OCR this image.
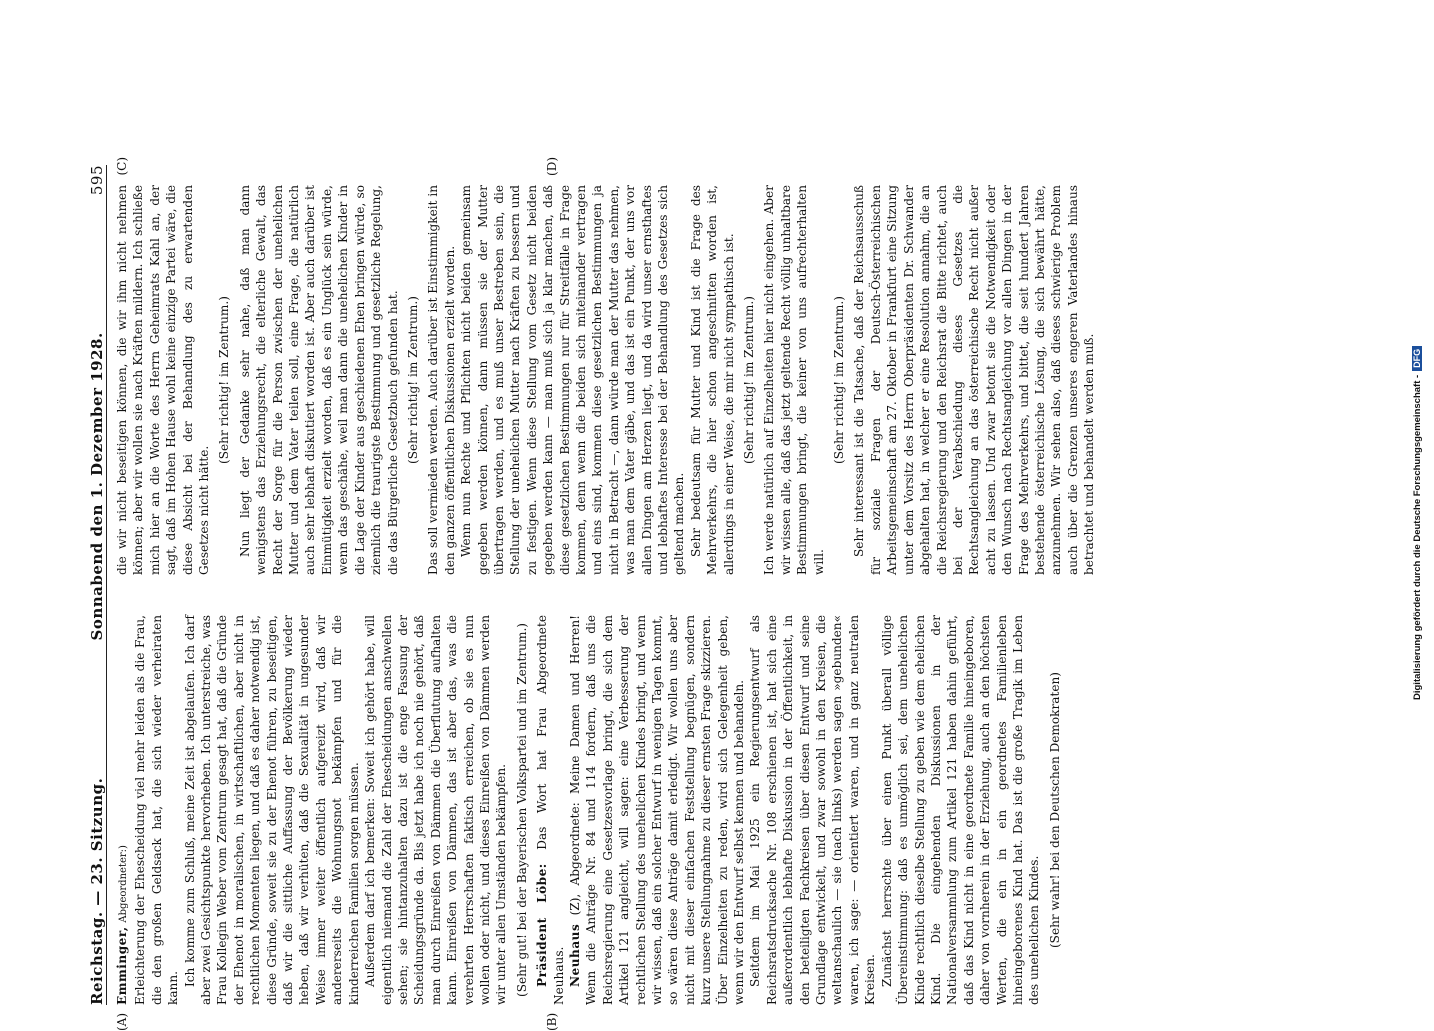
Reichstag. — 23. Sitzung.
Sonnabend den 1. Dezember 1928.
595
(A)	(B)

Emminger, Abgeordneter:) Erleichterung der Ehescheidung viel mehr leiden als die Frau, die den großen Geldsack hat, die sich wieder verheiraten kann.

Ich komme zum Schluß, meine Zeit ist abgelaufen. Ich darf aber zwei Gesichtspunkte hervorheben. Ich unterstreiche, was Frau Kollegin Weber vom Zentrum gesagt hat, daß die Gründe der Ehenot in moralischen, in wirtschaftlichen, aber nicht in rechtlichen Momenten liegen, und daß es daher notwendig ist, diese Gründe, soweit sie zu der Ehenot führen, zu beseitigen, daß wir die sittliche Auffassung der Bevölkerung wieder heben, daß wir verhüten, daß die Sexualität in ungesunder Weise immer weiter öffentlich aufgereizt wird, daß wir andererseits die Wohnungsnot bekämpfen und für die kinderreichen Familien sorgen müssen. Außerdem darf ich bemerken: Soweit ich gehört habe, will eigentlich niemand die Zahl der Ehescheidungen anschwellen sehen; sie hintanzuhalten dazu ist die enge Fassung der Scheidungsgründe da. Bis jetzt habe ich noch nie gehört, daß man durch Einreißen von Dämmen die Überflutung aufhalten kann. Einreißen von Dämmen, das ist aber das, was die verehrten Herrschaften faktisch erreichen, ob sie es nun wollen oder nicht, und dieses Einreißen von Dämmen werden wir unter allen Umständen bekämpfen. (Sehr gut! bei der Bayerischen Volkspartei und im Zentrum.) Präsident Löbe: Das Wort hat Frau Abgeordnete Neuhaus. Neuhaus (Z), Abgeordnete: Meine Damen und Herren! Wenn die Anträge Nr. 84 und 114 fordern, daß uns die Reichsregierung eine Gesetzesvorlage bringt, die sich dem Artikel 121 angleicht, will sagen: eine Verbesserung der rechtlichen Stellung des unehelichen Kindes bringt, und wenn wir wissen, daß ein solcher Entwurf in wenigen Tagen kommt, so wären diese Anträge damit erledigt. Wir wollen uns aber nicht mit dieser einfachen Feststellung begnügen, sondern kurz unsere Stellungnahme zu dieser ernsten Frage skizzieren. Über Einzelheiten zu reden, wird sich Gelegenheit geben, wenn wir den Entwurf selbst kennen und behandeln. Seitdem im Mai 1925 ein Regierungsentwurf als Reichsratsdrucksache Nr. 108 erschienen ist, hat sich eine außerordentlich lebhafte Diskussion in der Öffentlichkeit, in den beteiligten Fachkreisen über diesen Entwurf und seine Grundlage entwickelt, und zwar sowohl in den Kreisen, die weltanschaulich — sie (nach links) werden sagen »gebunden« waren, ich sage: — orientiert waren, und in ganz neutralen Kreisen. Zunächst herrschte über einen Punkt überall völlige Übereinstimmung: daß es unmöglich sei, dem unehelichen Kinde rechtlich dieselbe Stellung zu geben wie dem ehelichen Kind. Die eingehenden Diskussionen in der Nationalversammlung zum Artikel 121 haben dahin geführt, daß das Kind nicht in eine geordnete Familie hineingeboren, daher von vornherein in der Erziehung, auch an den höchsten Werten, die ein in ein geordnetes Familienleben hineingeborenes Kind hat. Das ist die große Tragik im Leben des unehelichen Kindes. (Sehr wahr! bei den Deutschen Demokraten)

(C)	(D)

die wir nicht beseitigen können, die wir ihm nicht nehmen können; aber wir wollen sie nach Kräften mildern. Ich schließe mich hier an die Worte des Herrn Geheimrats Kahl an, der sagt, daß im Hohen Hause wohl keine einzige Partei wäre, die diese Absicht bei der Behandlung des zu erwartenden Gesetzes nicht hätte.

(Sehr richtig! im Zentrum.) Nun liegt der Gedanke sehr nahe, daß man dann wenigstens das Erziehungsrecht, die elterliche Gewalt, das Recht der Sorge für die Person zwischen der unehelichen Mutter und dem Vater teilen soll, eine Frage, die natürlich auch sehr lebhaft diskutiert worden ist. Aber auch darüber ist Einmütigkeit erzielt worden, daß es ein Unglück sein würde, wenn das geschähe, weil man dann die unehelichen Kinder in die Lage der Kinder aus geschiedenen Ehen bringen würde, so ziemlich die traurigste Bestimmung und gesetzliche Regelung, die das Bürgerliche Gesetzbuch gefunden hat. (Sehr richtig! im Zentrum.) Das soll vermieden werden. Auch darüber ist Einstimmigkeit in den ganzen öffentlichen Diskussionen erzielt worden. Wenn nun Rechte und Pflichten nicht beiden gemeinsam gegeben werden können, dann müssen sie der Mutter übertragen werden, und es muß unser Bestreben sein, die Stellung der unehelichen Mutter nach Kräften zu bessern und zu festigen. Wenn diese Stellung vom Gesetz nicht beiden gegeben werden kann — man muß sich ja klar machen, daß diese gesetzlichen Bestimmungen nur für Streitfälle in Frage kommen, denn wenn die beiden sich miteinander vertragen und eins sind, kommen diese gesetzlichen Bestimmungen ja nicht in Betracht —, dann würde man der Mutter das nehmen, was man dem Vater gäbe, und das ist ein Punkt, der uns vor allen Dingen am Herzen liegt, und da wird unser ernsthaftes und lebhaftes Interesse bei der Behandlung des Gesetzes sich geltend machen. Sehr bedeutsam für Mutter und Kind ist die Frage des Mehrverkehrs, die hier schon angeschnitten worden ist, allerdings in einer Weise, die mir nicht sympathisch ist. (Sehr richtig! im Zentrum.) Ich werde natürlich auf Einzelheiten hier nicht eingehen. Aber wir wissen alle, daß das jetzt geltende Recht völlig unhaltbare Bestimmungen bringt, die keiner von uns aufrechterhalten will.

(Sehr richtig! im Zentrum.) Sehr interessant ist die Tatsache, daß der Reichsausschuß für soziale Fragen der Deutsch-Österreichischen Arbeitsgemeinschaft am 27. Oktober in Frankfurt eine Sitzung unter dem Vorsitz des Herrn Oberpräsidenten Dr. Schwander abgehalten hat, in welcher er eine Resolution annahm, die an die Reichsregierung und den Reichsrat die Bitte richtet, auch bei der Verabschiedung dieses Gesetzes die Rechtsangleichung an das österreichische Recht nicht außer acht zu lassen. Und zwar betont sie die Notwendigkeit oder den Wunsch nach Rechtsangleichung vor allen Dingen in der Frage des Mehrverkehrs, und bittet, die seit hundert Jahren bestehende österreichische Lösung, die sich bewährt hätte, anzunehmen. Wir sehen also, daß dieses schwierige Problem auch über die Grenzen unseres engeren Vaterlandes hinaus betrachtet und behandelt werden muß.	Digitalisierung gefördert durch die Deutsche Forschungsgemeinschaft -DFG
